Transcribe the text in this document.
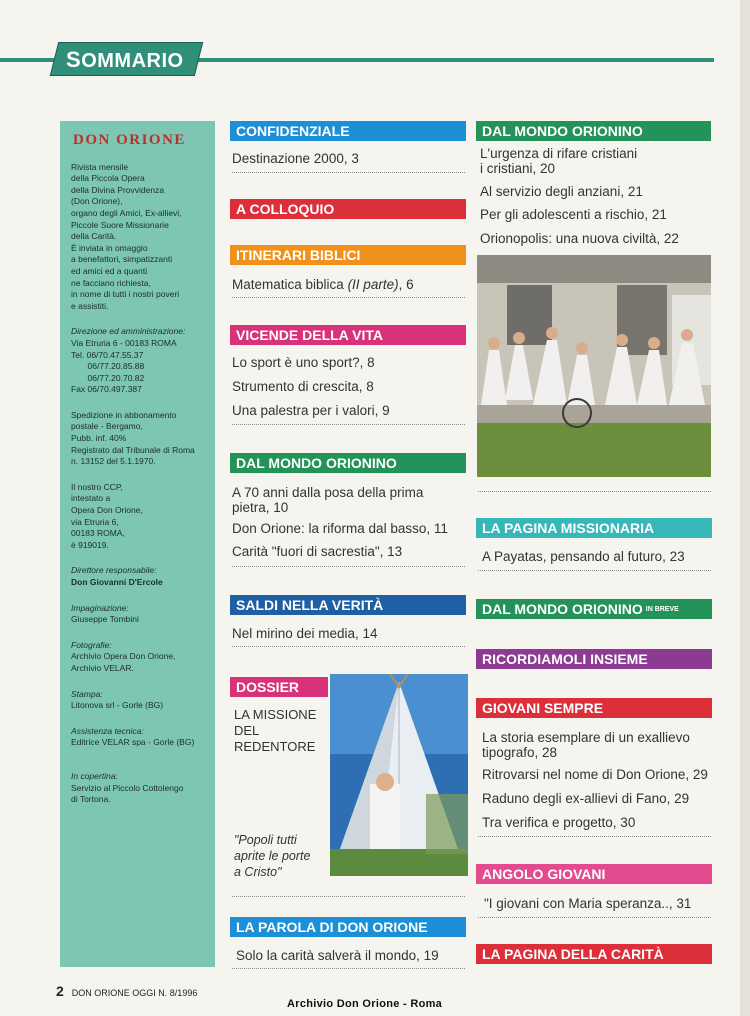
SOMMARIO
DON ORIONE
Rivista mensile
della Piccola Opera
della Divina Provvidenza
(Don Orione),
organo degli Amici, Ex-allievi,
Piccole Suore Missionarie
della Carità.
È inviata in omaggio
a benefattori, simpatizzanti
ed amici ed a quanti
ne facciano richiesta,
in nome di tutti i nostri poveri
e assistiti.
Direzione ed amministrazione:
Via Etruria 6 - 00183 ROMA
Tel. 06/70.47.55.37
06/77.20.85.88
06/77.20.70.82
Fax 06/70.497.387
Spedizione in abbonamento
postale - Bergamo,
Pubb. inf. 40%
Registrato dal Tribunale di Roma
n. 13152 del 5.1.1970.
Il nostro CCP,
intestato a
Opera Don Orione,
via Etruria 6,
00183 ROMA,
è 919019.
Direttore responsabile:
Don Giovanni D'Ercole
Impaginazione:
Giuseppe Tombini
Fotografie:
Archivio Opera Don Orione,
Archivio VELAR.
Stampa:
Litonova srl - Gorle (BG)
Assistenza tecnica:
Editrice VELAR spa - Gorle (BG)
In copertina:
Servizio al Piccolo Cottolengo
di Tortona.
CONFIDENZIALE
Destinazione 2000, 3
A COLLOQUIO
ITINERARI BIBLICI
Matematica biblica (II parte), 6
VICENDE DELLA VITA
Lo sport è uno sport?, 8
Strumento di crescita, 8
Una palestra per i valori, 9
DAL MONDO ORIONINO
A 70 anni dalla posa della prima
pietra, 10
Don Orione: la riforma dal basso, 11
Carità "fuori di sacrestia", 13
SALDI NELLA VERITÀ
Nel mirino dei media, 14
DOSSIER
LA MISSIONE
DEL
REDENTORE
"Popoli tutti
aprite le porte
a Cristo"
LA PAROLA DI DON ORIONE
Solo la carità salverà il mondo, 19
DAL MONDO ORIONINO
L'urgenza di rifare cristiani
i cristiani, 20
Al servizio degli anziani, 21
Per gli adolescenti a rischio, 21
Orionopolis: una nuova civiltà, 22
LA PAGINA MISSIONARIA
A Payatas, pensando al futuro, 23
DAL MONDO ORIONINO IN BREVE
RICORDIAMOLI INSIEME
GIOVANI SEMPRE
La storia esemplare di un exallievo
tipografo, 28
Ritrovarsi nel nome di Don Orione, 29
Raduno degli ex-allievi di Fano, 29
Tra verifica e progetto, 30
ANGOLO GIOVANI
"I giovani con Maria speranza.., 31
LA PAGINA DELLA CARITÀ
2 DON ORIONE OGGI N. 8/1996
Archivio Don Orione - Roma
